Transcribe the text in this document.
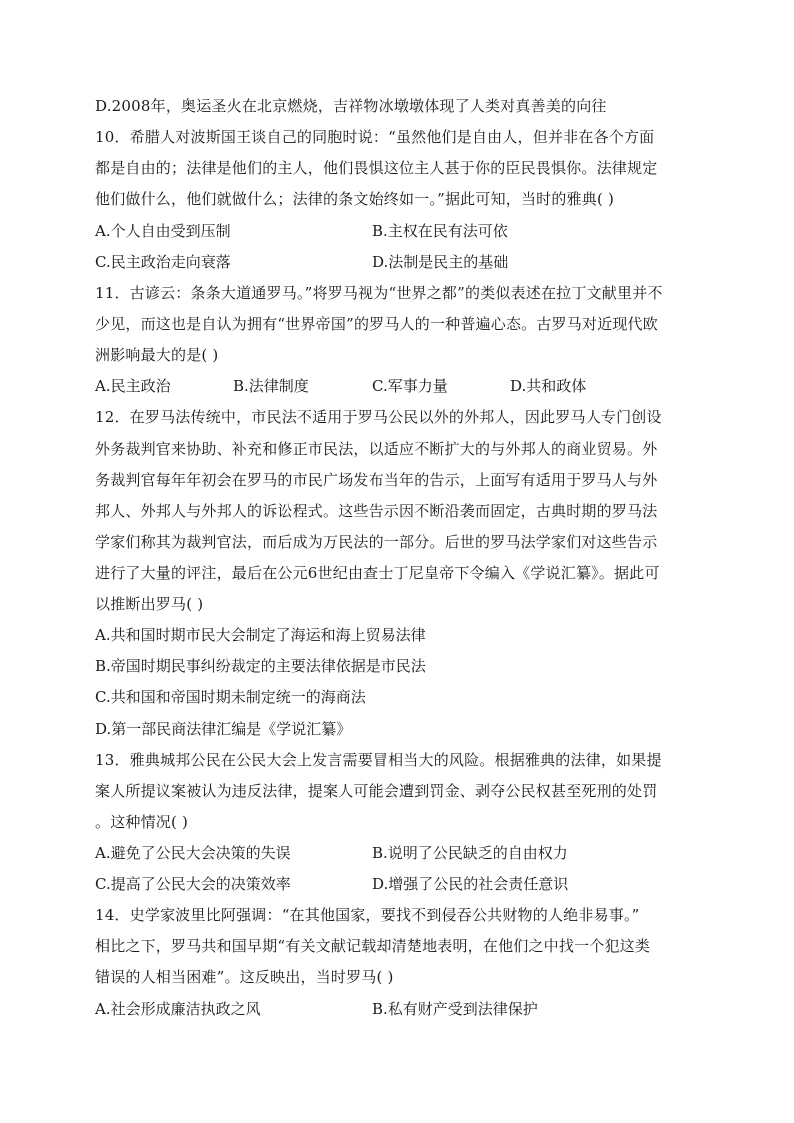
D.2008年，奥运圣火在北京燃烧，吉祥物冰墩墩体现了人类对真善美的向往
10．希腊人对波斯国王谈自己的同胞时说：“虽然他们是自由人，但并非在各个方面
都是自由的；法律是他们的主人，他们畏惧这位主人甚于你的臣民畏惧你。法律规定
他们做什么，他们就做什么；法律的条文始终如一。”据此可知，当时的雅典( )
A.个人自由受到压制	B.主权在民有法可依
C.民主政治走向衰落	D.法制是民主的基础
11．古谚云：条条大道通罗马。”将罗马视为“世界之都”的类似表述在拉丁文献里并不
少见，而这也是自认为拥有“世界帝国”的罗马人的一种普遍心态。古罗马对近现代欧
洲影响最大的是( )
A.民主政治	B.法律制度	C.军事力量	D.共和政体
12．在罗马法传统中，市民法不适用于罗马公民以外的外邦人，因此罗马人专门创设
外务裁判官来协助、补充和修正市民法，以适应不断扩大的与外邦人的商业贸易。外
务裁判官每年年初会在罗马的市民广场发布当年的告示，上面写有适用于罗马人与外
邦人、外邦人与外邦人的诉讼程式。这些告示因不断沿袭而固定，古典时期的罗马法
学家们称其为裁判官法，而后成为万民法的一部分。后世的罗马法学家们对这些告示
进行了大量的评注，最后在公元6世纪由查士丁尼皇帝下令编入《学说汇纂》。据此可
以推断出罗马( )
A.共和国时期市民大会制定了海运和海上贸易法律
B.帝国时期民事纠纷裁定的主要法律依据是市民法
C.共和国和帝国时期未制定统一的海商法
D.第一部民商法律汇编是《学说汇纂》
13．雅典城邦公民在公民大会上发言需要冒相当大的风险。根据雅典的法律，如果提
案人所提议案被认为违反法律，提案人可能会遭到罚金、剥夺公民权甚至死刑的处罚
。这种情况( )
A.避免了公民大会决策的失误	B.说明了公民缺乏的自由权力
C.提高了公民大会的决策效率	D.增强了公民的社会责任意识
14．史学家波里比阿强调：“在其他国家，要找不到侵吞公共财物的人绝非易事。”
相比之下，罗马共和国早期“有关文献记载却清楚地表明，在他们之中找一个犯这类
错误的人相当困难”。这反映出，当时罗马( )
A.社会形成廉洁执政之风	B.私有财产受到法律保护
